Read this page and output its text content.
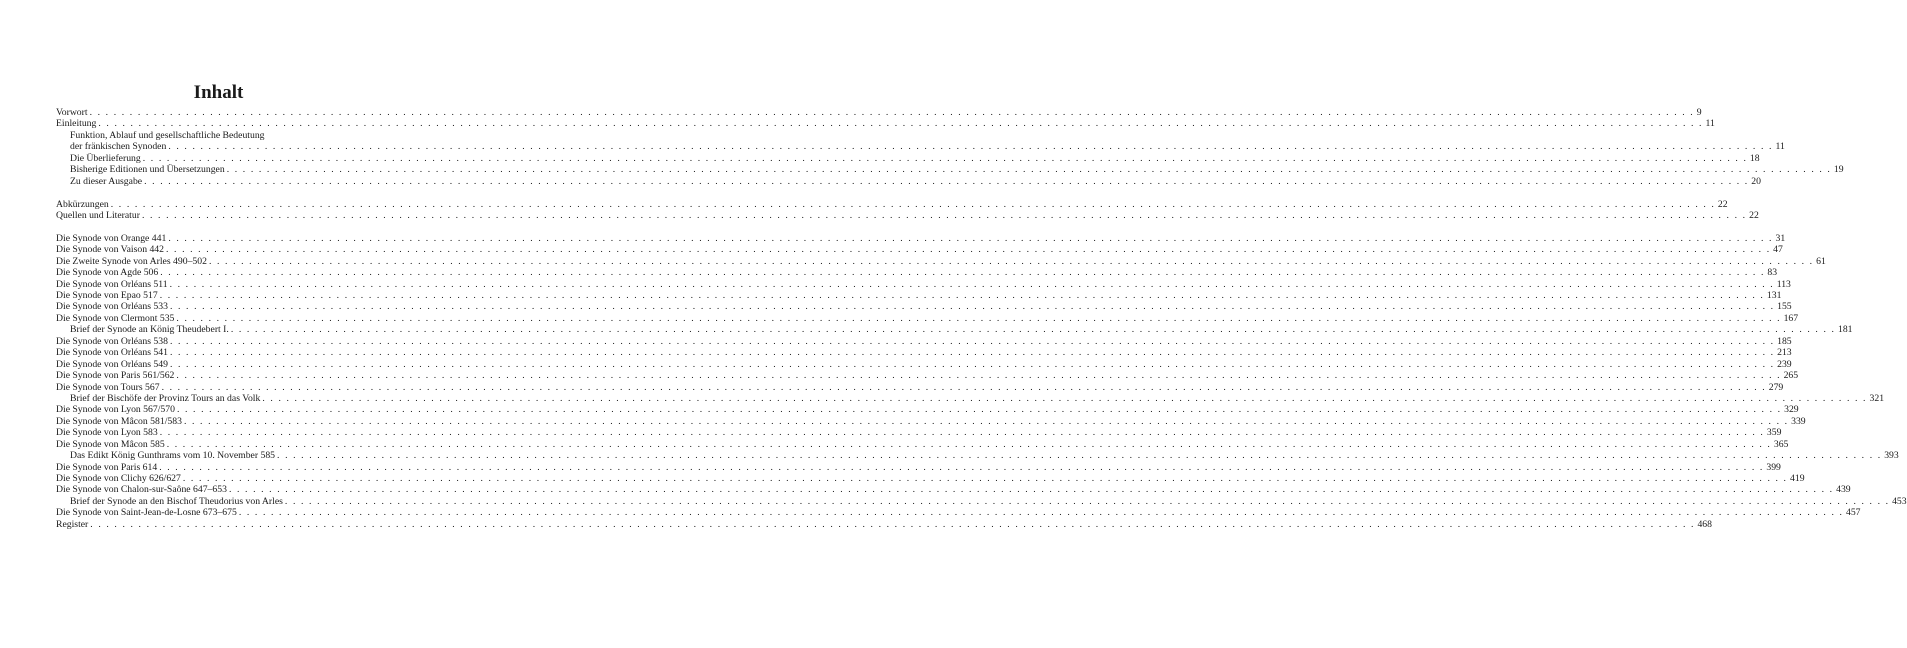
Inhalt
Vorwort . . . . . . . . . . . . . . . . . . . . . . . . . . . . . . . . . . . . . . . . . . . . . . . . . . . . . . . . . . . . . . . . . . . . . . . . . . . . . . . . . . . . . . . . . . . . . . . . . . . . . . . . . . . . . . . . . . . . . . . . . . . . . . . . . . . . . . . . . . . . . . . . . . . . . . . . . . . . . . . . . . . . . . . . . . . . . . . . . . . . . . . . . . . . . . . . . . . . . . . . 9
Einleitung . . . . . . . . . . . . . . . . . . . . . . . . . . . . . . . . . . . . . . . . . . . . . . . . . . . . . . . . . . . . . . . . . . . . . . . . . . . . . . . . . . . . . . . . . . . . . . . . . . . . . . . . . . . . . . . . . . . . . . . . . . . . . . . . . . . . . . . . . . . . . . . . . . . . . . . . . . . . . . . . . . . . . . . . . . . . . . . . . . . . . . . . . . . . . . . . . . . . . . . . 11
Funktion, Ablauf und gesellschaftliche Bedeutung
der fränkischen Synoden . . . . . . . . . . . . . . . . . . . . . . . . . . . . . . . . . . . . . . . . . . . . . . . . . . . . . . . . . . . . . . . . . . . . . . . . . . . . . . . . . . . . . . . . . . . . . . . . . . . . . . . . . . . . . . . . . . . . . . . . . . . . . . . . . . . . . . . . . . . . . . . . . . . . . . . . . . . . . . . . . . . . . . . . . . . . . . . . . . . . . . . . . . . . . . . . . . . . . . . . 11
Die Überlieferung . . . . . . . . . . . . . . . . . . . . . . . . . . . . . . . . . . . . . . . . . . . . . . . . . . . . . . . . . . . . . . . . . . . . . . . . . . . . . . . . . . . . . . . . . . . . . . . . . . . . . . . . . . . . . . . . . . . . . . . . . . . . . . . . . . . . . . . . . . . . . . . . . . . . . . . . . . . . . . . . . . . . . . . . . . . . . . . . . . . . . . . . . . . . . . . . . . . . . . . . 18
Bisherige Editionen und Übersetzungen . . . . . . . . . . . . . . . . . . . . . . . . . . . . . . . . . . . . . . . . . . . . . . . . . . . . . . . . . . . . . . . . . . . . . . . . . . . . . . . . . . . . . . . . . . . . . . . . . . . . . . . . . . . . . . . . . . . . . . . . . . . . . . . . . . . . . . . . . . . . . . . . . . . . . . . . . . . . . . . . . . . . . . . . . . . . . . . . . . . . . . . . . . . . . . . . . . . . . . . . 19
Zu dieser Ausgabe . . . . . . . . . . . . . . . . . . . . . . . . . . . . . . . . . . . . . . . . . . . . . . . . . . . . . . . . . . . . . . . . . . . . . . . . . . . . . . . . . . . . . . . . . . . . . . . . . . . . . . . . . . . . . . . . . . . . . . . . . . . . . . . . . . . . . . . . . . . . . . . . . . . . . . . . . . . . . . . . . . . . . . . . . . . . . . . . . . . . . . . . . . . . . . . . . . . . . . . . 20
Abkürzungen . . . . . . . . . . . . . . . . . . . . . . . . . . . . . . . . . . . . . . . . . . . . . . . . . . . . . . . . . . . . . . . . . . . . . . . . . . . . . . . . . . . . . . . . . . . . . . . . . . . . . . . . . . . . . . . . . . . . . . . . . . . . . . . . . . . . . . . . . . . . . . . . . . . . . . . . . . . . . . . . . . . . . . . . . . . . . . . . . . . . . . . . . . . . . . . . . . . . . . . . 22
Quellen und Literatur . . . . . . . . . . . . . . . . . . . . . . . . . . . . . . . . . . . . . . . . . . . . . . . . . . . . . . . . . . . . . . . . . . . . . . . . . . . . . . . . . . . . . . . . . . . . . . . . . . . . . . . . . . . . . . . . . . . . . . . . . . . . . . . . . . . . . . . . . . . . . . . . . . . . . . . . . . . . . . . . . . . . . . . . . . . . . . . . . . . . . . . . . . . . . . . . . . . . . . . . 22
Die Synode von Orange 441 . . . . . . . . . . . . . . . . . . . . . . . . . . . . . . . . . . . . . . . . . . . . . . . . . . . . . . . . . . . . . . . . . . . . . . . . . . . . . . . . . . . . . . . . . . . . . . . . . . . . . . . . . . . . . . . . . . . . . . . . . . . . . . . . . . . . . . . . . . . . . . . . . . . . . . . . . . . . . . . . . . . . . . . . . . . . . . . . . . . . . . . . . . . . . . . . . . . . . . . . 31
Die Synode von Vaison 442 . . . . . . . . . . . . . . . . . . . . . . . . . . . . . . . . . . . . . . . . . . . . . . . . . . . . . . . . . . . . . . . . . . . . . . . . . . . . . . . . . . . . . . . . . . . . . . . . . . . . . . . . . . . . . . . . . . . . . . . . . . . . . . . . . . . . . . . . . . . . . . . . . . . . . . . . . . . . . . . . . . . . . . . . . . . . . . . . . . . . . . . . . . . . . . . . . . . . . . . . 47
Die Zweite Synode von Arles 490–502 . . . . . . . . . . . . . . . . . . . . . . . . . . . . . . . . . . . . . . . . . . . . . . . . . . . . . . . . . . . . . . . . . . . . . . . . . . . . . . . . . . . . . . . . . . . . . . . . . . . . . . . . . . . . . . . . . . . . . . . . . . . . . . . . . . . . . . . . . . . . . . . . . . . . . . . . . . . . . . . . . . . . . . . . . . . . . . . . . . . . . . . . . . . . . . . . . . . . . . . . 61
Die Synode von Agde 506 . . . . . . . . . . . . . . . . . . . . . . . . . . . . . . . . . . . . . . . . . . . . . . . . . . . . . . . . . . . . . . . . . . . . . . . . . . . . . . . . . . . . . . . . . . . . . . . . . . . . . . . . . . . . . . . . . . . . . . . . . . . . . . . . . . . . . . . . . . . . . . . . . . . . . . . . . . . . . . . . . . . . . . . . . . . . . . . . . . . . . . . . . . . . . . . . . . . . . . . . 83
Die Synode von Orléans 511 . . . . . . . . . . . . . . . . . . . . . . . . . . . . . . . . . . . . . . . . . . . . . . . . . . . . . . . . . . . . . . . . . . . . . . . . . . . . . . . . . . . . . . . . . . . . . . . . . . . . . . . . . . . . . . . . . . . . . . . . . . . . . . . . . . . . . . . . . . . . . . . . . . . . . . . . . . . . . . . . . . . . . . . . . . . . . . . . . . . . . . . . . . . . . . . . . . . . . . . . 113
Die Synode von Epao 517 . . . . . . . . . . . . . . . . . . . . . . . . . . . . . . . . . . . . . . . . . . . . . . . . . . . . . . . . . . . . . . . . . . . . . . . . . . . . . . . . . . . . . . . . . . . . . . . . . . . . . . . . . . . . . . . . . . . . . . . . . . . . . . . . . . . . . . . . . . . . . . . . . . . . . . . . . . . . . . . . . . . . . . . . . . . . . . . . . . . . . . . . . . . . . . . . . . . . . . . . 131
Die Synode von Orléans 533 . . . . . . . . . . . . . . . . . . . . . . . . . . . . . . . . . . . . . . . . . . . . . . . . . . . . . . . . . . . . . . . . . . . . . . . . . . . . . . . . . . . . . . . . . . . . . . . . . . . . . . . . . . . . . . . . . . . . . . . . . . . . . . . . . . . . . . . . . . . . . . . . . . . . . . . . . . . . . . . . . . . . . . . . . . . . . . . . . . . . . . . . . . . . . . . . . . . . . . . . 155
Die Synode von Clermont 535 . . . . . . . . . . . . . . . . . . . . . . . . . . . . . . . . . . . . . . . . . . . . . . . . . . . . . . . . . . . . . . . . . . . . . . . . . . . . . . . . . . . . . . . . . . . . . . . . . . . . . . . . . . . . . . . . . . . . . . . . . . . . . . . . . . . . . . . . . . . . . . . . . . . . . . . . . . . . . . . . . . . . . . . . . . . . . . . . . . . . . . . . . . . . . . . . . . . . . . . . 167
Brief der Synode an König Theudebert I. . . . . . . . . . . . . . . . . . . . . . . . . . . . . . . . . . . . . . . . . . . . . . . . . . . . . . . . . . . . . . . . . . . . . . . . . . . . . . . . . . . . . . . . . . . . . . . . . . . . . . . . . . . . . . . . . . . . . . . . . . . . . . . . . . . . . . . . . . . . . . . . . . . . . . . . . . . . . . . . . . . . . . . . . . . . . . . . . . . . . . . . . . . . . . . . . . . . . . . . . 181
Die Synode von Orléans 538 . . . . . . . . . . . . . . . . . . . . . . . . . . . . . . . . . . . . . . . . . . . . . . . . . . . . . . . . . . . . . . . . . . . . . . . . . . . . . . . . . . . . . . . . . . . . . . . . . . . . . . . . . . . . . . . . . . . . . . . . . . . . . . . . . . . . . . . . . . . . . . . . . . . . . . . . . . . . . . . . . . . . . . . . . . . . . . . . . . . . . . . . . . . . . . . . . . . . . . . . 185
Die Synode von Orléans 541 . . . . . . . . . . . . . . . . . . . . . . . . . . . . . . . . . . . . . . . . . . . . . . . . . . . . . . . . . . . . . . . . . . . . . . . . . . . . . . . . . . . . . . . . . . . . . . . . . . . . . . . . . . . . . . . . . . . . . . . . . . . . . . . . . . . . . . . . . . . . . . . . . . . . . . . . . . . . . . . . . . . . . . . . . . . . . . . . . . . . . . . . . . . . . . . . . . . . . . . . 213
Die Synode von Orléans 549 . . . . . . . . . . . . . . . . . . . . . . . . . . . . . . . . . . . . . . . . . . . . . . . . . . . . . . . . . . . . . . . . . . . . . . . . . . . . . . . . . . . . . . . . . . . . . . . . . . . . . . . . . . . . . . . . . . . . . . . . . . . . . . . . . . . . . . . . . . . . . . . . . . . . . . . . . . . . . . . . . . . . . . . . . . . . . . . . . . . . . . . . . . . . . . . . . . . . . . . . 239
Die Synode von Paris 561/562 . . . . . . . . . . . . . . . . . . . . . . . . . . . . . . . . . . . . . . . . . . . . . . . . . . . . . . . . . . . . . . . . . . . . . . . . . . . . . . . . . . . . . . . . . . . . . . . . . . . . . . . . . . . . . . . . . . . . . . . . . . . . . . . . . . . . . . . . . . . . . . . . . . . . . . . . . . . . . . . . . . . . . . . . . . . . . . . . . . . . . . . . . . . . . . . . . . . . . . . . 265
Die Synode von Tours 567 . . . . . . . . . . . . . . . . . . . . . . . . . . . . . . . . . . . . . . . . . . . . . . . . . . . . . . . . . . . . . . . . . . . . . . . . . . . . . . . . . . . . . . . . . . . . . . . . . . . . . . . . . . . . . . . . . . . . . . . . . . . . . . . . . . . . . . . . . . . . . . . . . . . . . . . . . . . . . . . . . . . . . . . . . . . . . . . . . . . . . . . . . . . . . . . . . . . . . . . . 279
Brief der Bischöfe der Provinz Tours an das Volk . . . . . . . . . . . . . . . . . . . . . . . . . . . . . . . . . . . . . . . . . . . . . . . . . . . . . . . . . . . . . . . . . . . . . . . . . . . . . . . . . . . . . . . . . . . . . . . . . . . . . . . . . . . . . . . . . . . . . . . . . . . . . . . . . . . . . . . . . . . . . . . . . . . . . . . . . . . . . . . . . . . . . . . . . . . . . . . . . . . . . . . . . . . . . . . . . . . . . . . . 321
Die Synode von Lyon 567/570 . . . . . . . . . . . . . . . . . . . . . . . . . . . . . . . . . . . . . . . . . . . . . . . . . . . . . . . . . . . . . . . . . . . . . . . . . . . . . . . . . . . . . . . . . . . . . . . . . . . . . . . . . . . . . . . . . . . . . . . . . . . . . . . . . . . . . . . . . . . . . . . . . . . . . . . . . . . . . . . . . . . . . . . . . . . . . . . . . . . . . . . . . . . . . . . . . . . . . . . . 329
Die Synode von Mâcon 581/583 . . . . . . . . . . . . . . . . . . . . . . . . . . . . . . . . . . . . . . . . . . . . . . . . . . . . . . . . . . . . . . . . . . . . . . . . . . . . . . . . . . . . . . . . . . . . . . . . . . . . . . . . . . . . . . . . . . . . . . . . . . . . . . . . . . . . . . . . . . . . . . . . . . . . . . . . . . . . . . . . . . . . . . . . . . . . . . . . . . . . . . . . . . . . . . . . . . . . . . . . 339
Die Synode von Lyon 583 . . . . . . . . . . . . . . . . . . . . . . . . . . . . . . . . . . . . . . . . . . . . . . . . . . . . . . . . . . . . . . . . . . . . . . . . . . . . . . . . . . . . . . . . . . . . . . . . . . . . . . . . . . . . . . . . . . . . . . . . . . . . . . . . . . . . . . . . . . . . . . . . . . . . . . . . . . . . . . . . . . . . . . . . . . . . . . . . . . . . . . . . . . . . . . . . . . . . . . . . 359
Die Synode von Mâcon 585 . . . . . . . . . . . . . . . . . . . . . . . . . . . . . . . . . . . . . . . . . . . . . . . . . . . . . . . . . . . . . . . . . . . . . . . . . . . . . . . . . . . . . . . . . . . . . . . . . . . . . . . . . . . . . . . . . . . . . . . . . . . . . . . . . . . . . . . . . . . . . . . . . . . . . . . . . . . . . . . . . . . . . . . . . . . . . . . . . . . . . . . . . . . . . . . . . . . . . . . . 365
Das Edikt König Gunthrams vom 10. November 585 . . . . . . . . . . . . . . . . . . . . . . . . . . . . . . . . . . . . . . . . . . . . . . . . . . . . . . . . . . . . . . . . . . . . . . . . . . . . . . . . . . . . . . . . . . . . . . . . . . . . . . . . . . . . . . . . . . . . . . . . . . . . . . . . . . . . . . . . . . . . . . . . . . . . . . . . . . . . . . . . . . . . . . . . . . . . . . . . . . . . . . . . . . . . . . . . . . . . . . . . 393
Die Synode von Paris 614 . . . . . . . . . . . . . . . . . . . . . . . . . . . . . . . . . . . . . . . . . . . . . . . . . . . . . . . . . . . . . . . . . . . . . . . . . . . . . . . . . . . . . . . . . . . . . . . . . . . . . . . . . . . . . . . . . . . . . . . . . . . . . . . . . . . . . . . . . . . . . . . . . . . . . . . . . . . . . . . . . . . . . . . . . . . . . . . . . . . . . . . . . . . . . . . . . . . . . . . . 399
Die Synode von Clichy 626/627 . . . . . . . . . . . . . . . . . . . . . . . . . . . . . . . . . . . . . . . . . . . . . . . . . . . . . . . . . . . . . . . . . . . . . . . . . . . . . . . . . . . . . . . . . . . . . . . . . . . . . . . . . . . . . . . . . . . . . . . . . . . . . . . . . . . . . . . . . . . . . . . . . . . . . . . . . . . . . . . . . . . . . . . . . . . . . . . . . . . . . . . . . . . . . . . . . . . . . . . . 419
Die Synode von Chalon-sur-Saône 647–653 . . . . . . . . . . . . . . . . . . . . . . . . . . . . . . . . . . . . . . . . . . . . . . . . . . . . . . . . . . . . . . . . . . . . . . . . . . . . . . . . . . . . . . . . . . . . . . . . . . . . . . . . . . . . . . . . . . . . . . . . . . . . . . . . . . . . . . . . . . . . . . . . . . . . . . . . . . . . . . . . . . . . . . . . . . . . . . . . . . . . . . . . . . . . . . . . . . . . . . . . 439
Brief der Synode an den Bischof Theudorius von Arles . . . . . . . . . . . . . . . . . . . . . . . . . . . . . . . . . . . . . . . . . . . . . . . . . . . . . . . . . . . . . . . . . . . . . . . . . . . . . . . . . . . . . . . . . . . . . . . . . . . . . . . . . . . . . . . . . . . . . . . . . . . . . . . . . . . . . . . . . . . . . . . . . . . . . . . . . . . . . . . . . . . . . . . . . . . . . . . . . . . . . . . . . . . . . . . . . . . . . . . . 453
Die Synode von Saint-Jean-de-Losne 673–675 . . . . . . . . . . . . . . . . . . . . . . . . . . . . . . . . . . . . . . . . . . . . . . . . . . . . . . . . . . . . . . . . . . . . . . . . . . . . . . . . . . . . . . . . . . . . . . . . . . . . . . . . . . . . . . . . . . . . . . . . . . . . . . . . . . . . . . . . . . . . . . . . . . . . . . . . . . . . . . . . . . . . . . . . . . . . . . . . . . . . . . . . . . . . . . . . . . . . . . . . 457
Register . . . . . . . . . . . . . . . . . . . . . . . . . . . . . . . . . . . . . . . . . . . . . . . . . . . . . . . . . . . . . . . . . . . . . . . . . . . . . . . . . . . . . . . . . . . . . . . . . . . . . . . . . . . . . . . . . . . . . . . . . . . . . . . . . . . . . . . . . . . . . . . . . . . . . . . . . . . . . . . . . . . . . . . . . . . . . . . . . . . . . . . . . . . . . . . . . . . . . . . . 468
